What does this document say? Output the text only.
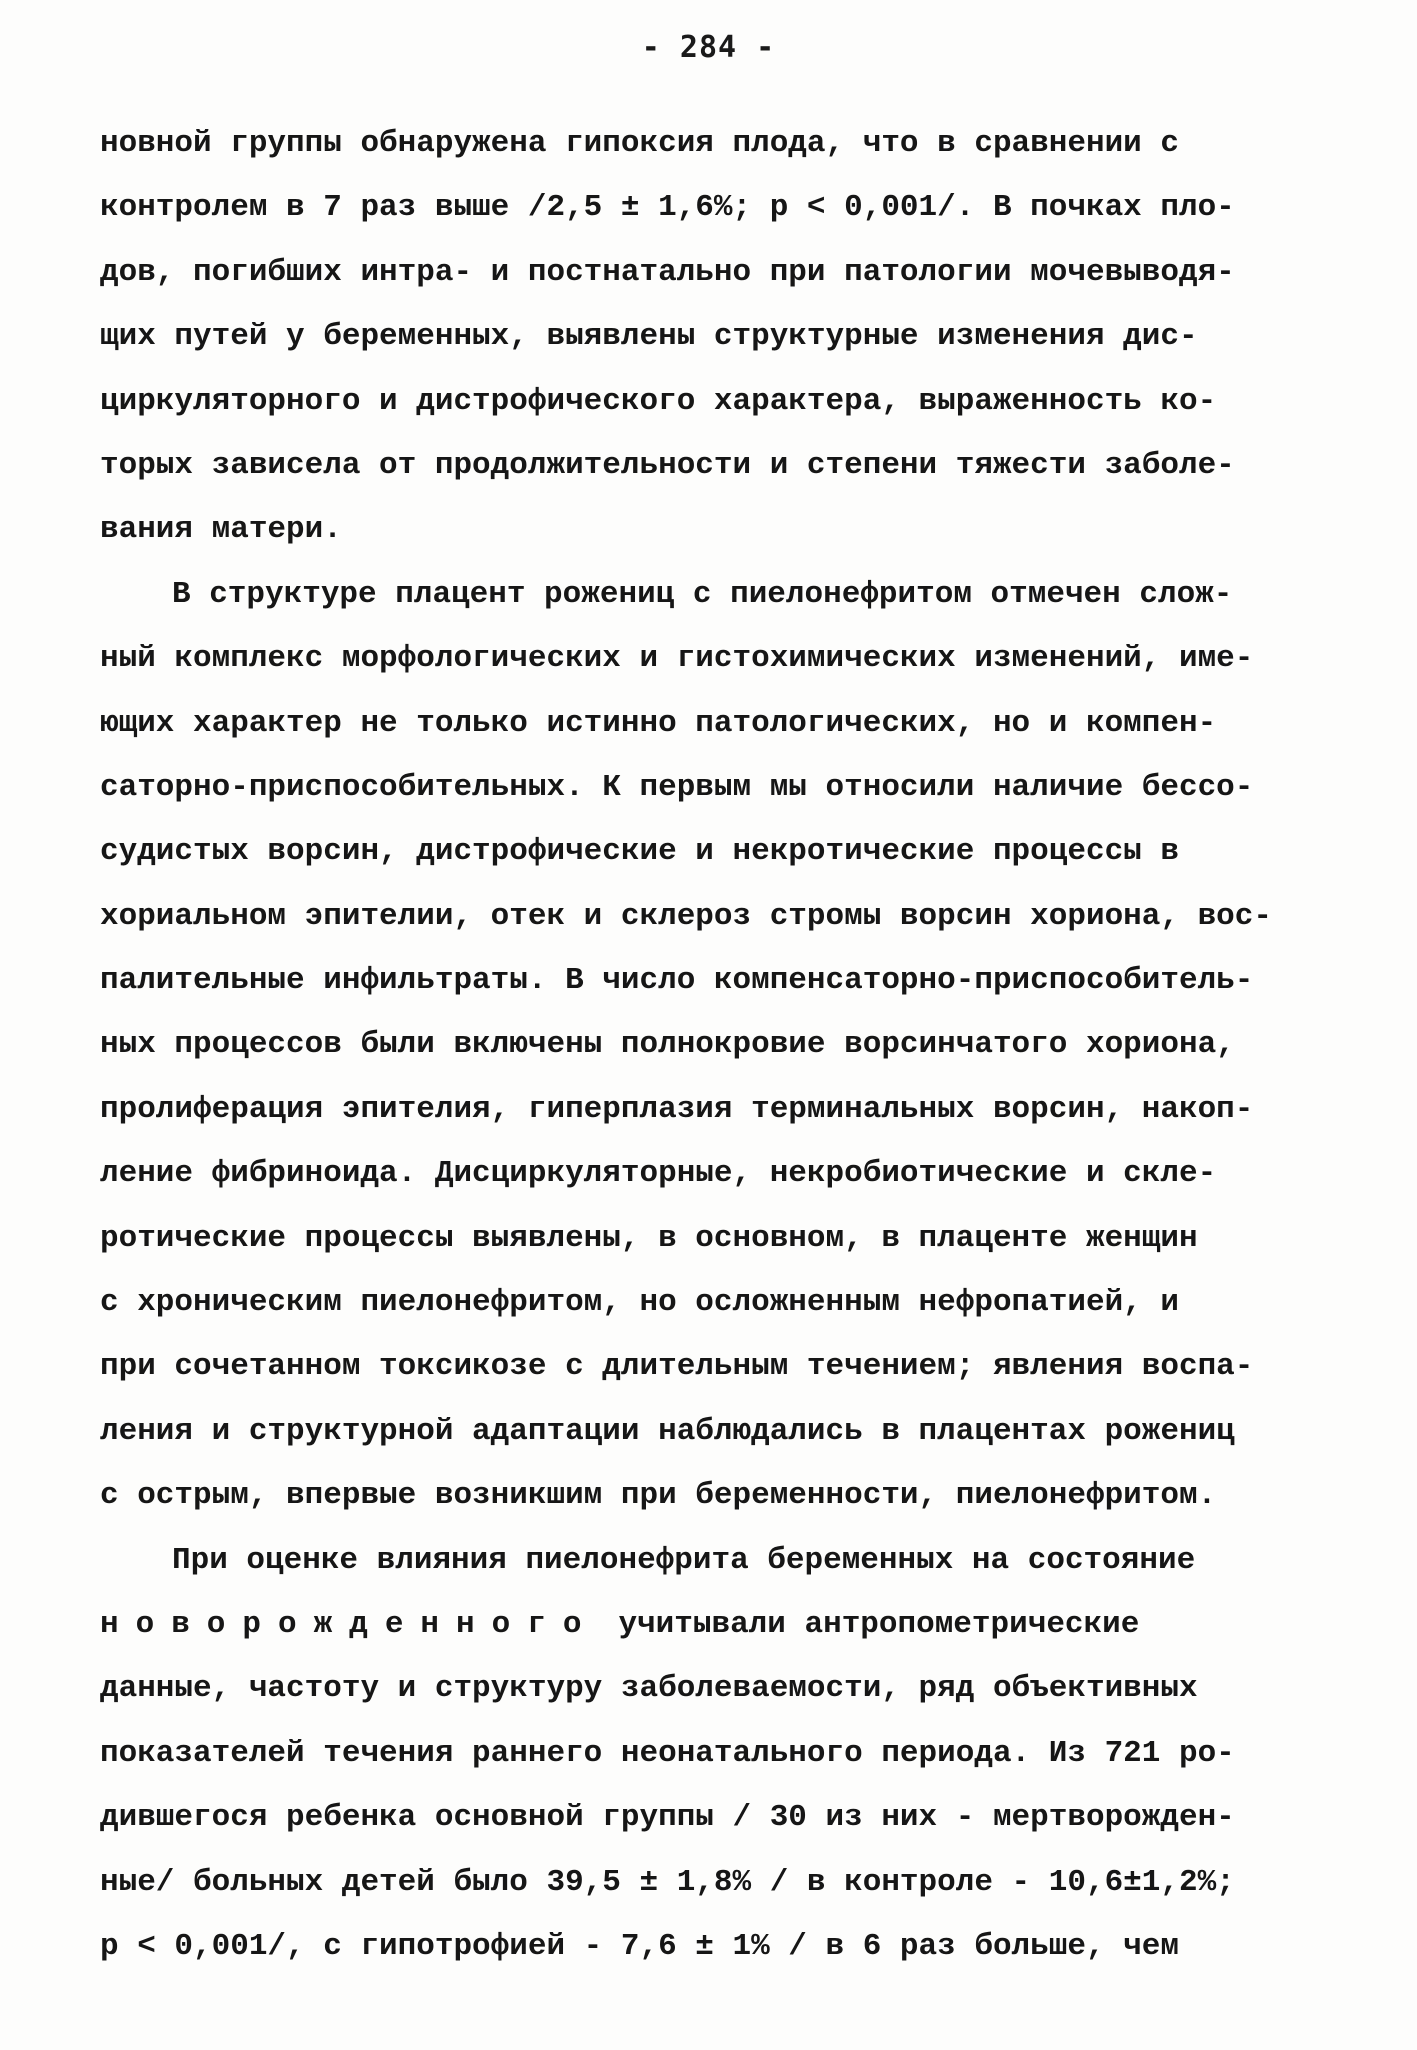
- 284 -
новной группы обнаружена гипоксия плода, что в сравнении с
контролем в 7 раз выше /2,5 ± 1,6%; р < 0,001/. В почках пло-
дов, погибших интра- и постнатально при патологии мочевыводя-
щих путей у беременных, выявлены структурные изменения дис-
циркуляторного и дистрофического характера, выраженность ко-
торых зависела от продолжительности и степени тяжести заболе-
вания матери.
В структуре плацент рожениц с пиелонефритом отмечен слож-
ный комплекс морфологических и гистохимических изменений, име-
ющих характер не только истинно патологических, но и компен-
саторно-приспособительных. К первым мы относили наличие бессо-
судистых ворсин, дистрофические и некротические процессы в
хориальном эпителии, отек и склероз стромы ворсин хориона, вос-
палительные инфильтраты. В число компенсаторно-приспособитель-
ных процессов были включены полнокровие ворсинчатого хориона,
пролиферация эпителия, гиперплазия терминальных ворсин, накоп-
ление фибриноида. Дисциркуляторные, некробиотические и скле-
ротические процессы выявлены, в основном, в плаценте женщин
с хроническим пиелонефритом, но осложненным нефропатией, и
при сочетанном токсикозе с длительным течением; явления воспа-
ления и структурной адаптации наблюдались в плацентах рожениц
с острым, впервые возникшим при беременности, пиелонефритом.
При оценке влияния пиелонефрита беременных на состояние
новорожденного учитывали антропометрические
данные, частоту и структуру заболеваемости, ряд объективных
показателей течения раннего неонатального периода. Из 721 ро-
дившегося ребенка основной группы / 30 из них - мертворожден-
ные/ больных детей было 39,5 ± 1,8% / в контроле - 10,6±1,2%;
р < 0,001/, с гипотрофией - 7,6 ± 1% / в 6 раз больше, чем
